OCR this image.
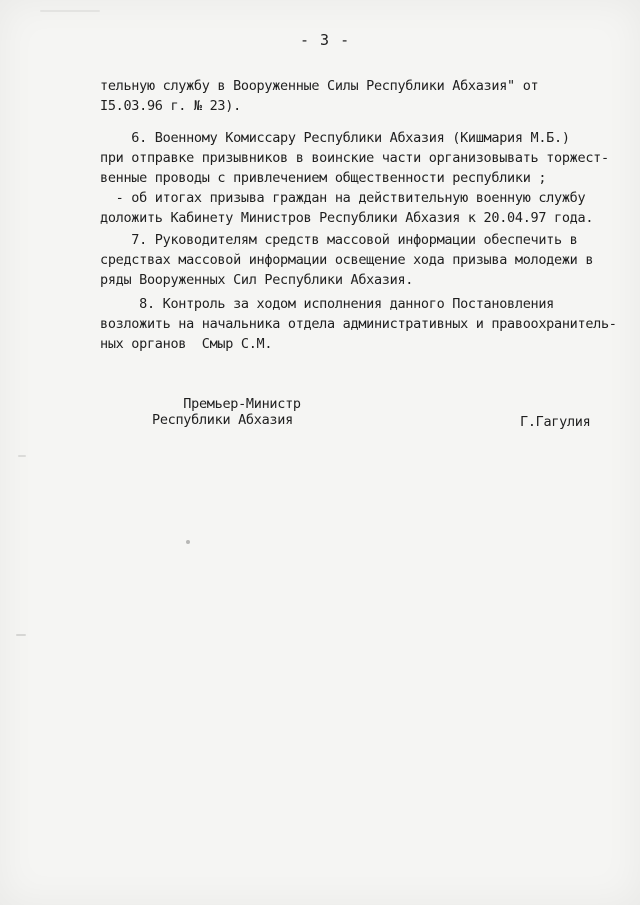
- 3 -
тельную службу в Вооруженные Силы Республики Абхазия" от
I5.03.96 г. № 23).
6. Военному Комиссару Республики Абхазия (Кишмария М.Б.)
при отправке призывников в воинские части организовывать торжест-
венные проводы с привлечением общественности республики ;
- об итогах призыва граждан на действительную военную службу
доложить Кабинету Министров Республики Абхазия к 20.04.97 года.
7. Руководителям средств массовой информации обеспечить в
средствах массовой информации освещение хода призыва молодежи в
ряды Вооруженных Сил Республики Абхазия.
8. Контроль за ходом исполнения данного Постановления
возложить на начальника отдела административных и правоохранитель-
ных органов  Смыр С.М.
Премьер-Министр
Республики Абхазия	Г.Гагулия
